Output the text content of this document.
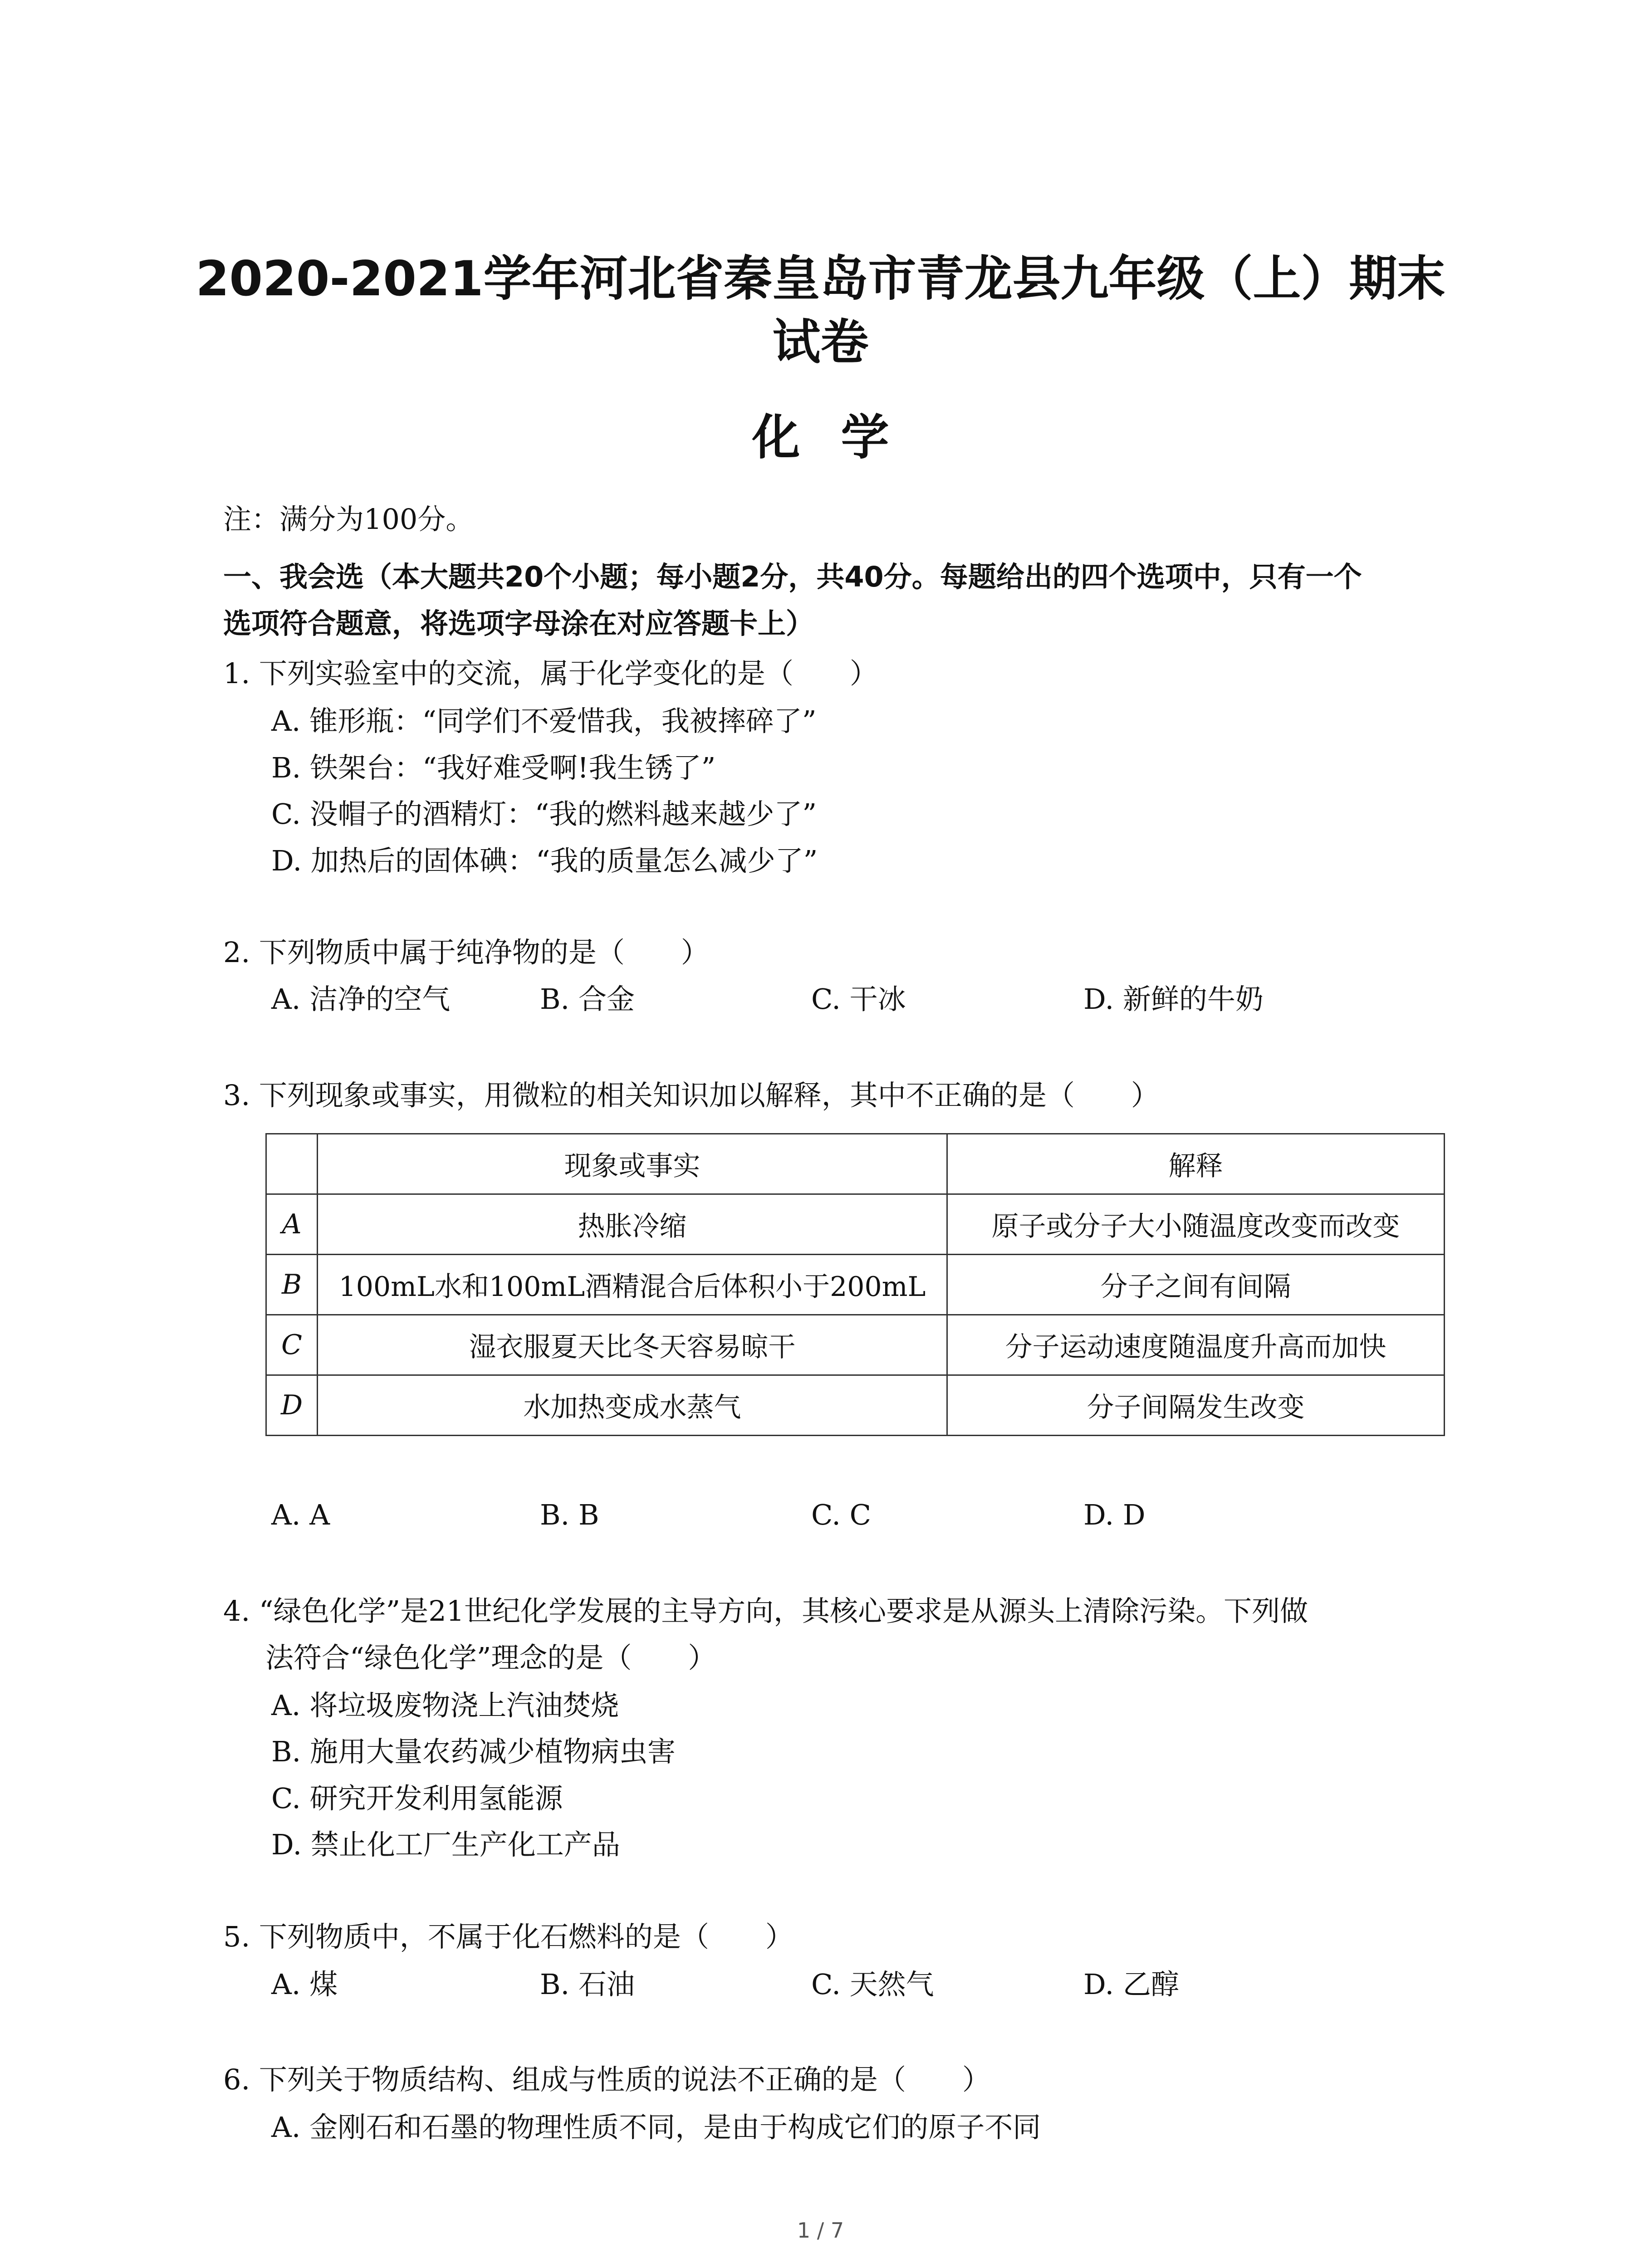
2020-2021学年河北省秦皇岛市青龙县九年级（上）期末试卷
化学
注：满分为100分。
一、我会选（本大题共20个小题；每小题2分，共40分。每题给出的四个选项中，只有一个
选项符合题意，将选项字母涂在对应答题卡上）
1. 下列实验室中的交流，属于化学变化的是（　　）
A. 锥形瓶：“同学们不爱惜我，我被摔碎了”
B. 铁架台：“我好难受啊!我生锈了”
C. 没帽子的酒精灯：“我的燃料越来越少了”
D. 加热后的固体碘：“我的质量怎么减少了”
2. 下列物质中属于纯净物的是（　　）
A. 洁净的空气	B. 合金	C. 干冰	D. 新鲜的牛奶
3. 下列现象或事实，用微粒的相关知识加以解释，其中不正确的是（　　）
	现象或事实	解释
A	热胀冷缩	原子或分子大小随温度改变而改变
B	100mL水和100mL酒精混合后体积小于200mL	分子之间有间隔
C	湿衣服夏天比冬天容易晾干	分子运动速度随温度升高而加快
D	水加热变成水蒸气	分子间隔发生改变
A. A	B. B	C. C	D. D
4. “绿色化学”是21世纪化学发展的主导方向，其核心要求是从源头上清除污染。下列做
法符合“绿色化学”理念的是（　　）
A. 将垃圾废物浇上汽油焚烧
B. 施用大量农药减少植物病虫害
C. 研究开发利用氢能源
D. 禁止化工厂生产化工产品
5. 下列物质中，不属于化石燃料的是（　　）
A. 煤	B. 石油	C. 天然气	D. 乙醇
6. 下列关于物质结构、组成与性质的说法不正确的是（　　）
A. 金刚石和石墨的物理性质不同，是由于构成它们的原子不同
1 / 7
